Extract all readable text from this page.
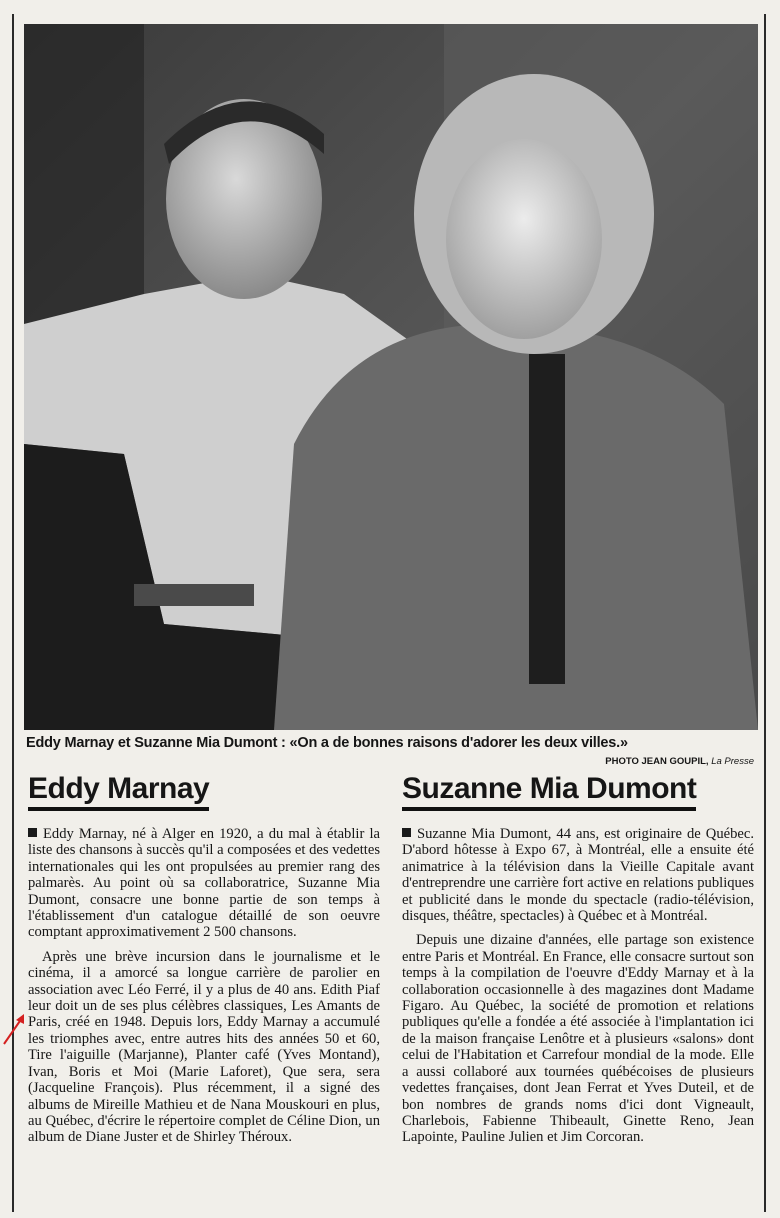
Eddy Marnay et Suzanne Mia Dumont : «On a de bonnes raisons d'adorer les deux villes.»
PHOTO JEAN GOUPIL, La Presse
Eddy Marnay	Suzanne Mia Dumont

Eddy Marnay, né à Alger en 1920, a du mal à établir la liste des chansons à succès qu'il a composées et des vedettes internationales qui les ont propulsées au premier rang des palmarès. Au point où sa collaboratrice, Suzanne Mia Dumont, consacre une bonne partie de son temps à l'établissement d'un catalogue détaillé de son oeuvre comptant approximativement 2 500 chansons.

Après une brève incursion dans le journalisme et le cinéma, il a amorcé sa longue carrière de parolier en association avec Léo Ferré, il y a plus de 40 ans. Edith Piaf leur doit un de ses plus célèbres classiques, Les Amants de Paris, créé en 1948. Depuis lors, Eddy Marnay a accumulé les triomphes avec, entre autres hits des années 50 et 60, Tire l'aiguille (Marjanne), Planter café (Yves Montand), Ivan, Boris et Moi (Marie Laforet), Que sera, sera (Jacqueline François). Plus récemment, il a signé des albums de Mireille Mathieu et de Nana Mouskouri en plus, au Québec, d'écrire le répertoire complet de Céline Dion, un album de Diane Juster et de Shirley Théroux.

Suzanne Mia Dumont, 44 ans, est originaire de Québec. D'abord hôtesse à Expo 67, à Montréal, elle a ensuite été animatrice à la télévision dans la Vieille Capitale avant d'entreprendre une carrière fort active en relations publiques et publicité dans le monde du spectacle (radio-télévision, disques, théâtre, spectacles) à Québec et à Montréal.

Depuis une dizaine d'années, elle partage son existence entre Paris et Montréal. En France, elle consacre surtout son temps à la compilation de l'oeuvre d'Eddy Marnay et à la collaboration occasionnelle à des magazines dont Madame Figaro. Au Québec, la société de promotion et relations publiques qu'elle a fondée a été associée à l'implantation ici de la maison française Lenôtre et à plusieurs «salons» dont celui de l'Habitation et Carrefour mondial de la mode. Elle a aussi collaboré aux tournées québécoises de plusieurs vedettes françaises, dont Jean Ferrat et Yves Duteil, et de bon nombres de grands noms d'ici dont Vigneault, Charlebois, Fabienne Thibeault, Ginette Reno, Jean Lapointe, Pauline Julien et Jim Corcoran.
